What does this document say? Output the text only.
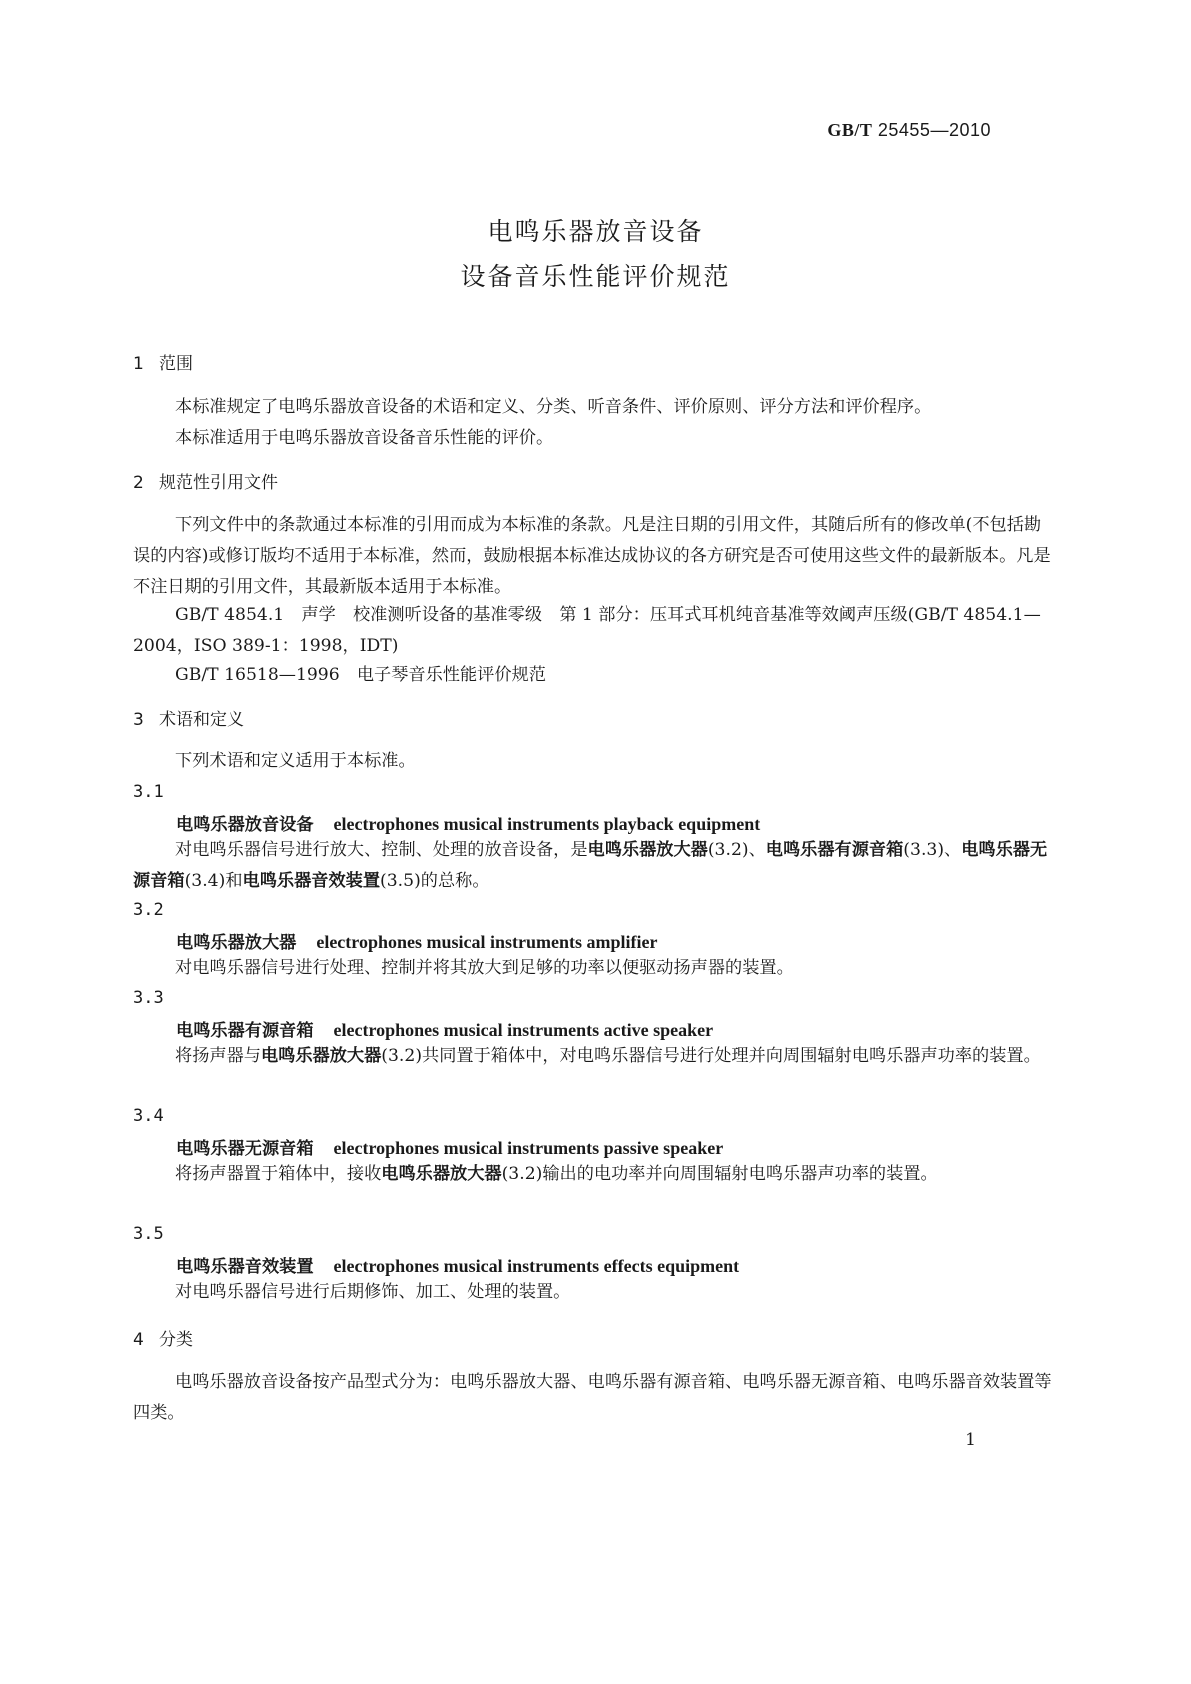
GB/T 25455—2010
电鸣乐器放音设备
设备音乐性能评价规范
1 范围
本标准规定了电鸣乐器放音设备的术语和定义、分类、听音条件、评价原则、评分方法和评价程序。
本标准适用于电鸣乐器放音设备音乐性能的评价。
2 规范性引用文件
下列文件中的条款通过本标准的引用而成为本标准的条款。凡是注日期的引用文件，其随后所有的修改单(不包括勘误的内容)或修订版均不适用于本标准，然而，鼓励根据本标准达成协议的各方研究是否可使用这些文件的最新版本。凡是不注日期的引用文件，其最新版本适用于本标准。
GB/T 4854.1　声学　校准测听设备的基准零级　第 1 部分：压耳式耳机纯音基准等效阈声压级(GB/T 4854.1—2004，ISO 389-1：1998，IDT)
GB/T 16518—1996　电子琴音乐性能评价规范
3 术语和定义
下列术语和定义适用于本标准。
3.1
电鸣乐器放音设备 electrophones musical instruments playback equipment
对电鸣乐器信号进行放大、控制、处理的放音设备，是电鸣乐器放大器(3.2)、电鸣乐器有源音箱(3.3)、电鸣乐器无源音箱(3.4)和电鸣乐器音效装置(3.5)的总称。
3.2
电鸣乐器放大器 electrophones musical instruments amplifier
对电鸣乐器信号进行处理、控制并将其放大到足够的功率以便驱动扬声器的装置。
3.3
电鸣乐器有源音箱 electrophones musical instruments active speaker
将扬声器与电鸣乐器放大器(3.2)共同置于箱体中，对电鸣乐器信号进行处理并向周围辐射电鸣乐器声功率的装置。
3.4
电鸣乐器无源音箱 electrophones musical instruments passive speaker
将扬声器置于箱体中，接收电鸣乐器放大器(3.2)输出的电功率并向周围辐射电鸣乐器声功率的装置。
3.5
电鸣乐器音效装置 electrophones musical instruments effects equipment
对电鸣乐器信号进行后期修饰、加工、处理的装置。
4 分类
电鸣乐器放音设备按产品型式分为：电鸣乐器放大器、电鸣乐器有源音箱、电鸣乐器无源音箱、电鸣乐器音效装置等四类。
1
